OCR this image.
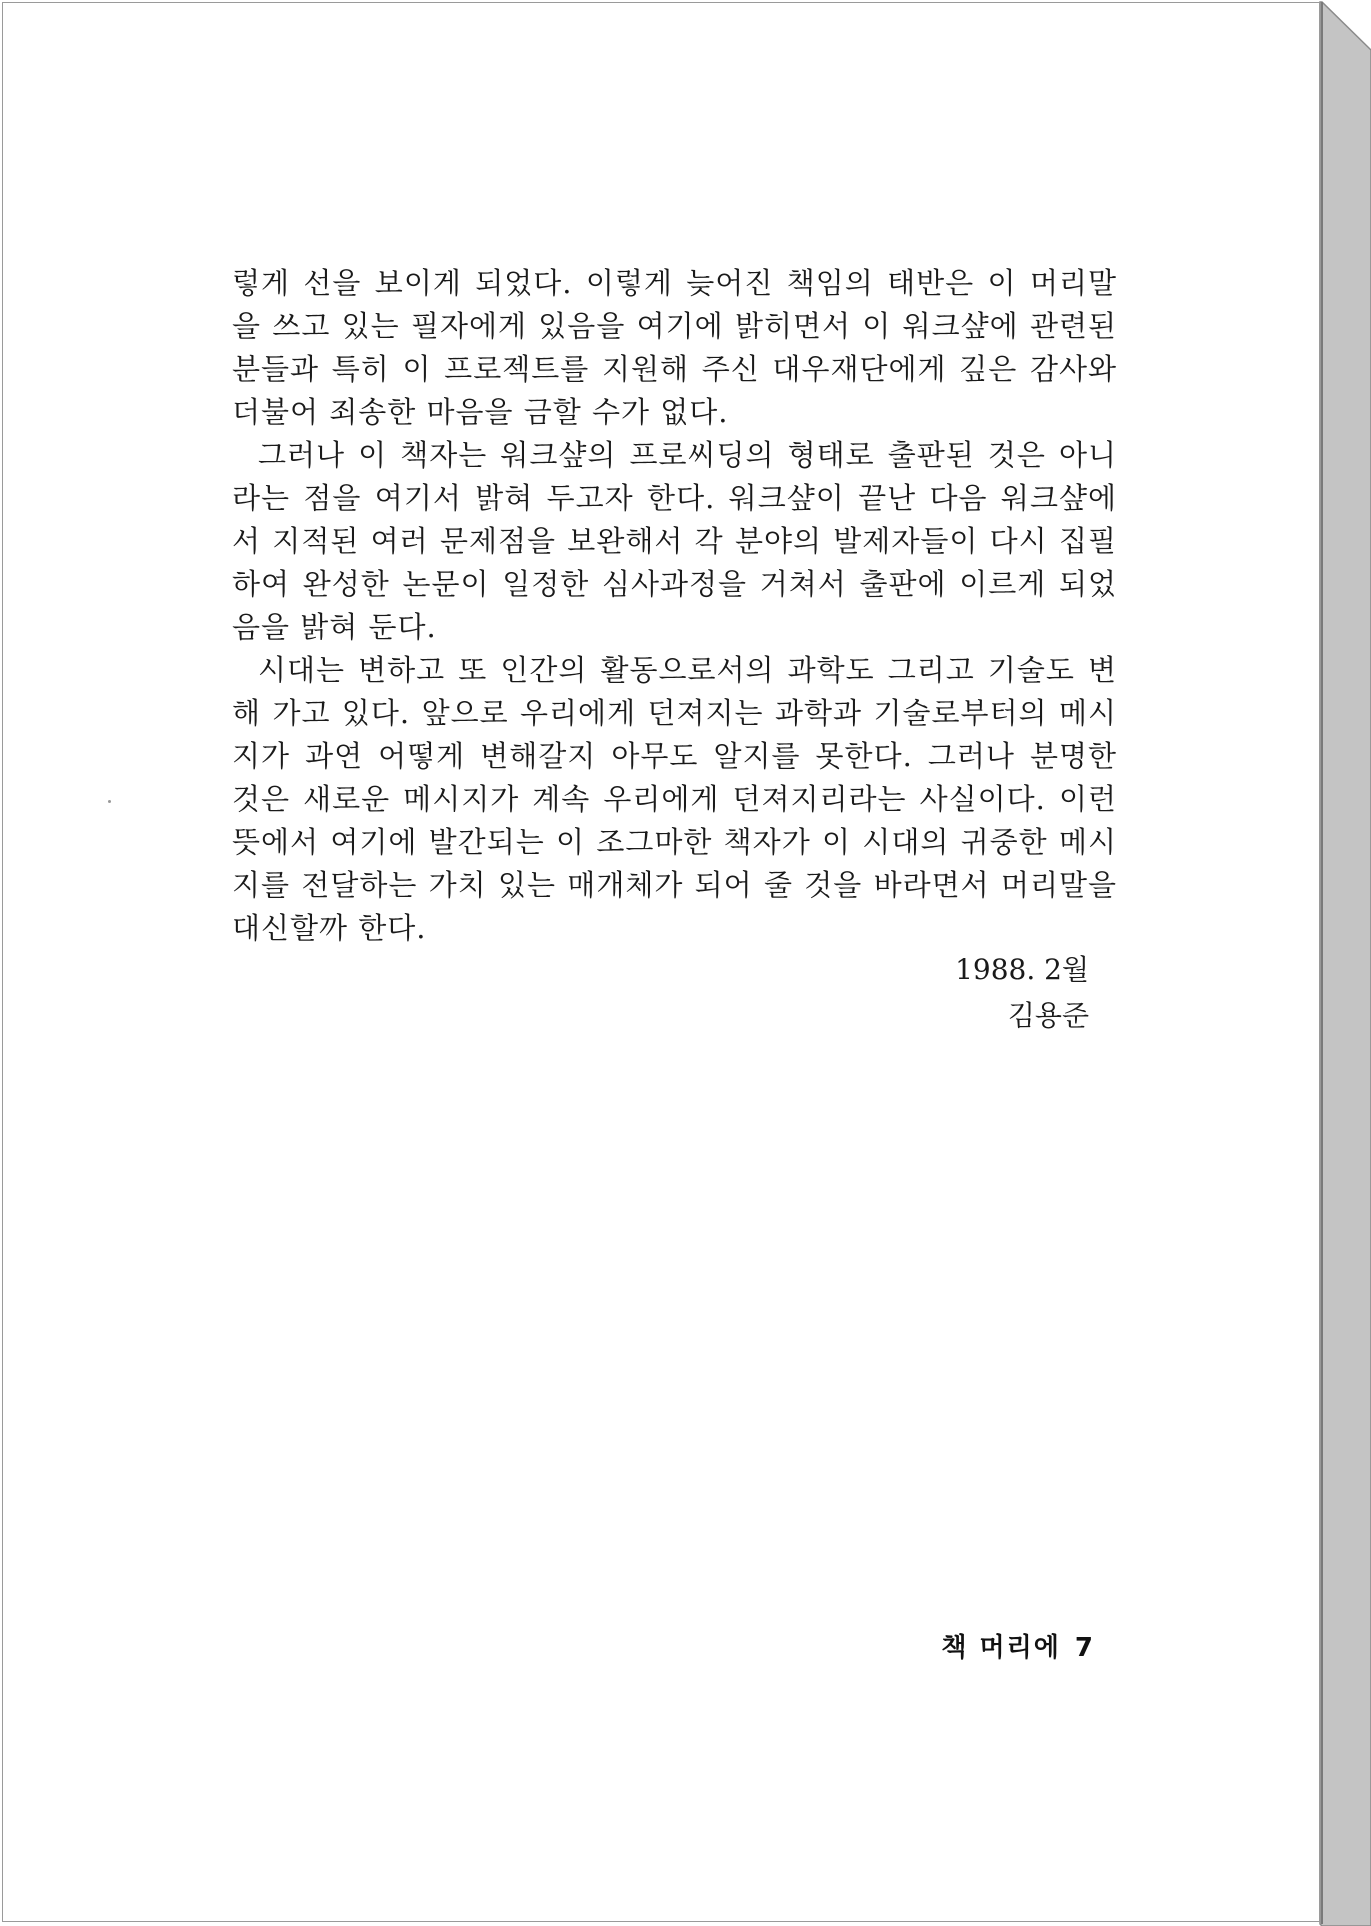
렇게 선을 보이게 되었다. 이렇게 늦어진 책임의 태반은 이 머리말을 쓰고 있는 필자에게 있음을 여기에 밝히면서 이 워크샾에 관련된 분들과 특히 이 프로젝트를 지원해 주신 대우재단에게 깊은 감사와 더불어 죄송한 마음을 금할 수가 없다.

그러나 이 책자는 워크샾의 프로씨딩의 형태로 출판된 것은 아니라는 점을 여기서 밝혀 두고자 한다. 워크샾이 끝난 다음 워크샾에서 지적된 여러 문제점을 보완해서 각 분야의 발제자들이 다시 집필하여 완성한 논문이 일정한 심사과정을 거쳐서 출판에 이르게 되었음을 밝혀 둔다.

시대는 변하고 또 인간의 활동으로서의 과학도 그리고 기술도 변해 가고 있다. 앞으로 우리에게 던져지는 과학과 기술로부터의 메시지가 과연 어떻게 변해갈지 아무도 알지를 못한다. 그러나 분명한 것은 새로운 메시지가 계속 우리에게 던져지리라는 사실이다. 이런 뜻에서 여기에 발간되는 이 조그마한 책자가 이 시대의 귀중한 메시지를 전달하는 가치 있는 매개체가 되어 줄 것을 바라면서 머리말을 대신할까 한다.

1988. 2월
김용준
책 머리에 7
